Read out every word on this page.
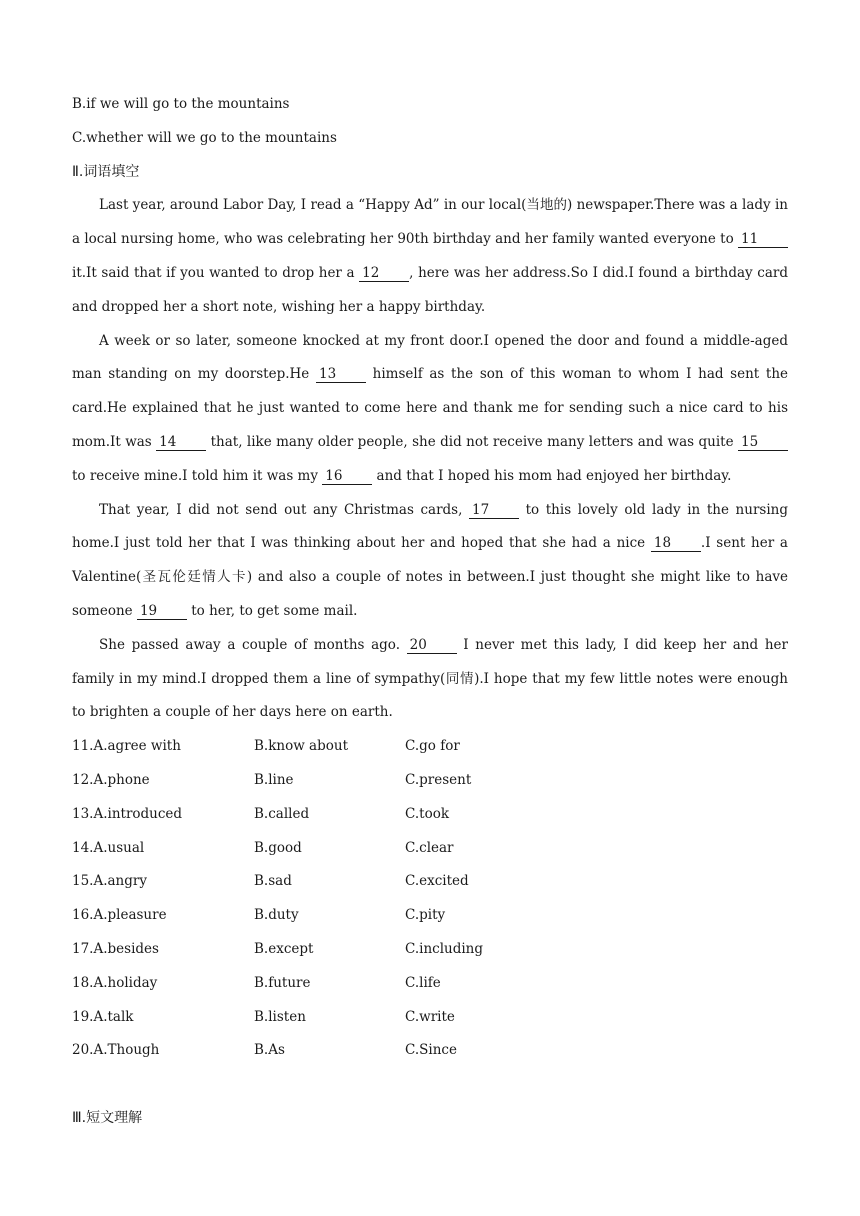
B.if we will go to the mountains
C.whether will we go to the mountains
Ⅱ.词语填空

Last year, around Labor Day, I read a “Happy Ad” in our local(当地的) newspaper.There was a lady in a local nursing home, who was celebrating her 90th birthday and her family wanted everyone to 11 it.It said that if you wanted to drop her a 12 , here was her address.So I did.I found a birthday card and dropped her a short note, wishing her a happy birthday.

A week or so later, someone knocked at my front door.I opened the door and found a middle-aged man standing on my doorstep.He 13 himself as the son of this woman to whom I had sent the card.He explained that he just wanted to come here and thank me for sending such a nice card to his mom.It was 14 that, like many older people, she did not receive many letters and was quite 15 to receive mine.I told him it was my 16 and that I hoped his mom had enjoyed her birthday.

That year, I did not send out any Christmas cards, 17 to this lovely old lady in the nursing home.I just told her that I was thinking about her and hoped that she had a nice 18 .I sent her a Valentine(圣瓦伦廷情人卡) and also a couple of notes in between.I just thought she might like to have someone 19 to her, to get some mail.

She passed away a couple of months ago. 20 I never met this lady, I did keep her and her family in my mind.I dropped them a line of sympathy(同情).I hope that my few little notes were enough to brighten a couple of her days here on earth.

11.A.agree with	B.know about	C.go for
12.A.phone	B.line	C.present
13.A.introduced	B.called	C.took
14.A.usual	B.good	C.clear
15.A.angry	B.sad	C.excited
16.A.pleasure	B.duty	C.pity
17.A.besides	B.except	C.including
18.A.holiday	B.future	C.life
19.A.talk	B.listen	C.write
20.A.Though	B.As	C.Since
Ⅲ.短文理解
